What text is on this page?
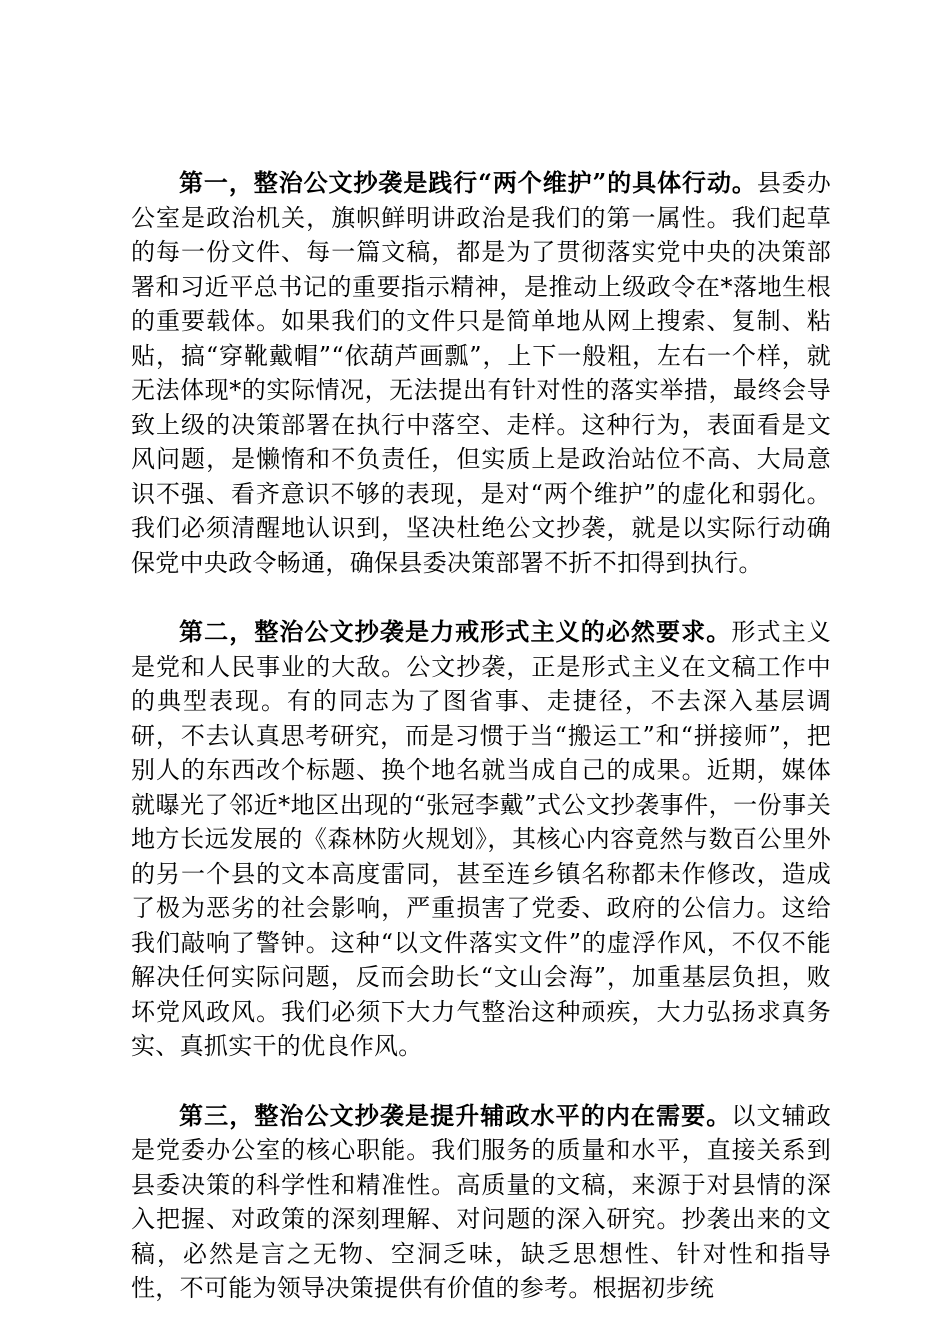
第一，整治公文抄袭是践行“两个维护”的具体行动。县委办公室是政治机关，旗帜鲜明讲政治是我们的第一属性。我们起草的每一份文件、每一篇文稿，都是为了贯彻落实党中央的决策部署和习近平总书记的重要指示精神，是推动上级政令在*落地生根的重要载体。如果我们的文件只是简单地从网上搜索、复制、粘贴，搞“穿靴戴帽”“依葫芦画瓢”，上下一般粗，左右一个样，就无法体现*的实际情况，无法提出有针对性的落实举措，最终会导致上级的决策部署在执行中落空、走样。这种行为，表面看是文风问题，是懒惰和不负责任，但实质上是政治站位不高、大局意识不强、看齐意识不够的表现，是对“两个维护”的虚化和弱化。我们必须清醒地认识到，坚决杜绝公文抄袭，就是以实际行动确保党中央政令畅通，确保县委决策部署不折不扣得到执行。

第二，整治公文抄袭是力戒形式主义的必然要求。形式主义是党和人民事业的大敌。公文抄袭，正是形式主义在文稿工作中的典型表现。有的同志为了图省事、走捷径，不去深入基层调研，不去认真思考研究，而是习惯于当“搬运工”和“拼接师”，把别人的东西改个标题、换个地名就当成自己的成果。近期，媒体就曝光了邻近*地区出现的“张冠李戴”式公文抄袭事件，一份事关地方长远发展的《森林防火规划》，其核心内容竟然与数百公里外的另一个县的文本高度雷同，甚至连乡镇名称都未作修改，造成了极为恶劣的社会影响，严重损害了党委、政府的公信力。这给我们敲响了警钟。这种“以文件落实文件”的虚浮作风，不仅不能解决任何实际问题，反而会助长“文山会海”，加重基层负担，败坏党风政风。我们必须下大力气整治这种顽疾，大力弘扬求真务实、真抓实干的优良作风。

第三，整治公文抄袭是提升辅政水平的内在需要。以文辅政是党委办公室的核心职能。我们服务的质量和水平，直接关系到县委决策的科学性和精准性。高质量的文稿，来源于对县情的深入把握、对政策的深刻理解、对问题的深入研究。抄袭出来的文稿，必然是言之无物、空洞乏味，缺乏思想性、针对性和指导性，不可能为领导决策提供有价值的参考。根据初步统
